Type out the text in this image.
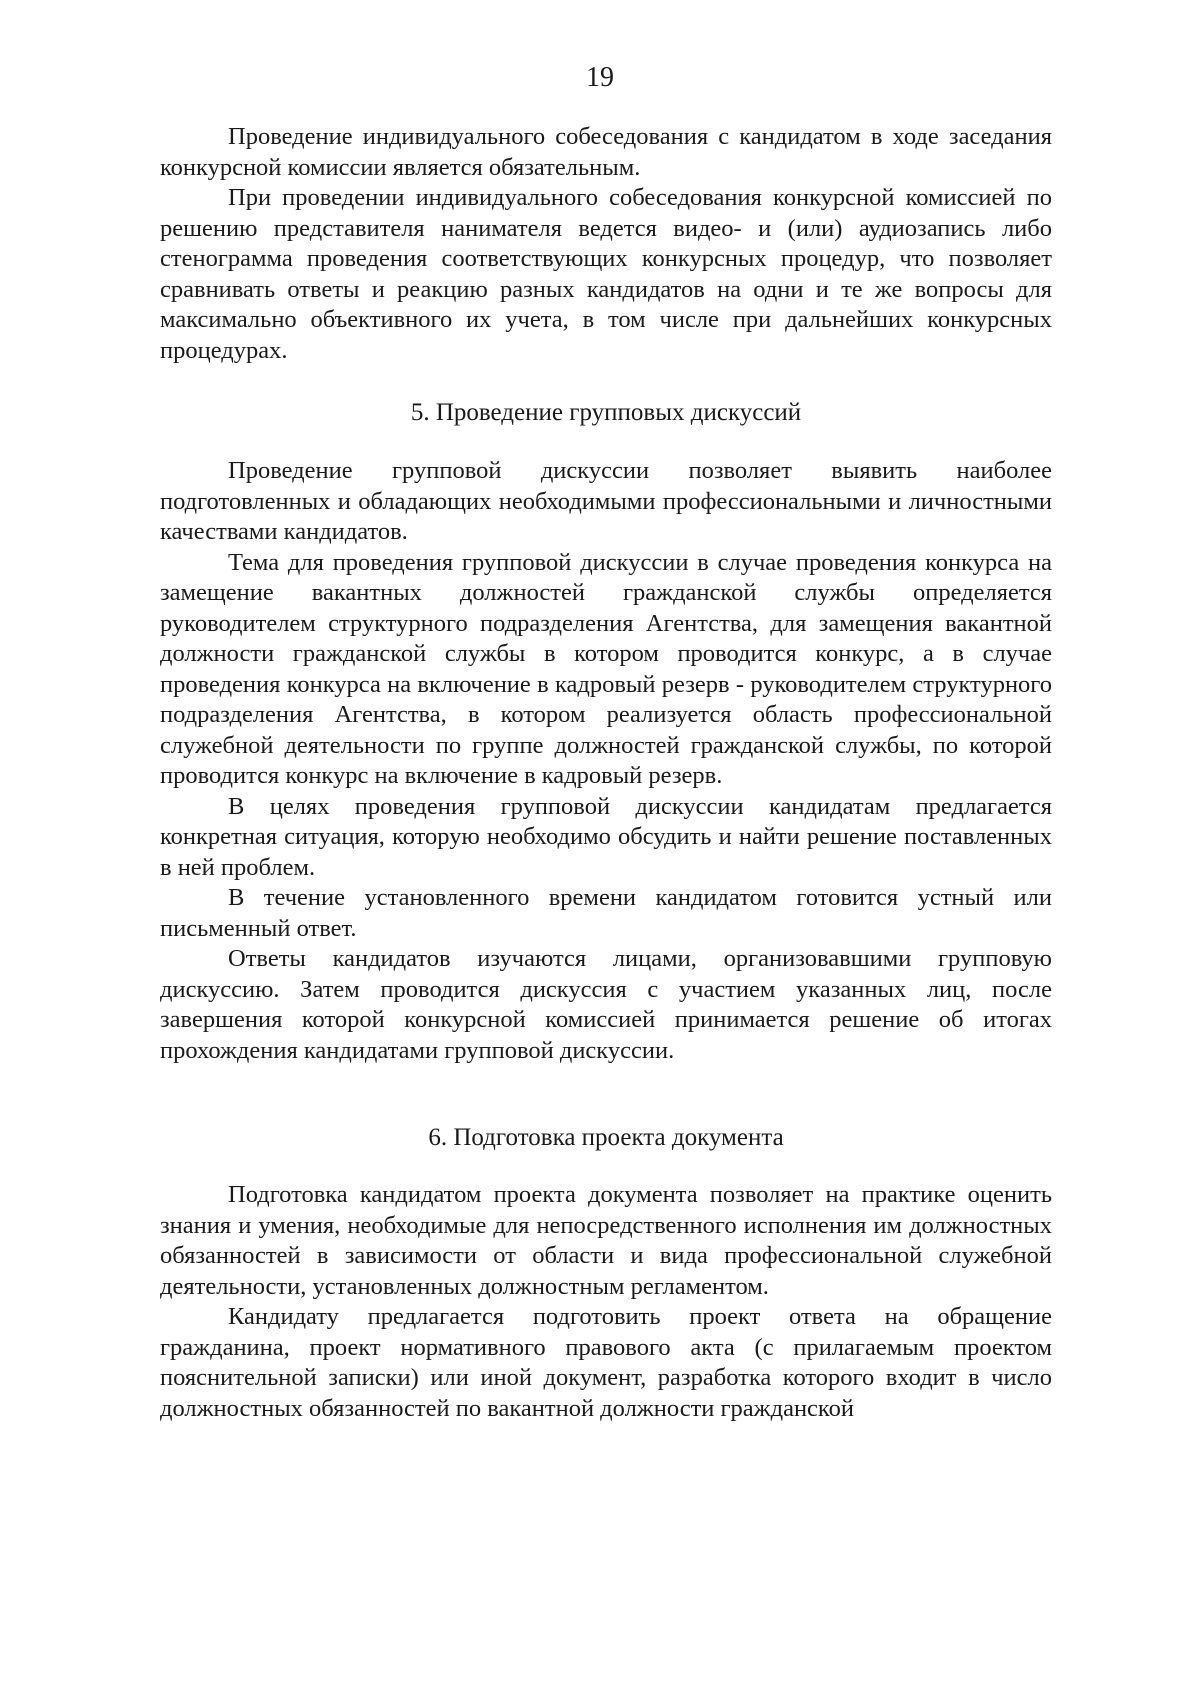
19

Проведение индивидуального собеседования с кандидатом в ходе заседания конкурсной комиссии является обязательным.

При проведении индивидуального собеседования конкурсной комиссией по решению представителя нанимателя ведется видео- и (или) аудиозапись либо стенограмма проведения соответствующих конкурсных процедур, что позволяет сравнивать ответы и реакцию разных кандидатов на одни и те же вопросы для максимально объективного их учета, в том числе при дальнейших конкурсных процедурах.

5. Проведение групповых дискуссий

Проведение групповой дискуссии позволяет выявить наиболее подготовленных и обладающих необходимыми профессиональными и личностными качествами кандидатов.

Тема для проведения групповой дискуссии в случае проведения конкурса на замещение вакантных должностей гражданской службы определяется руководителем структурного подразделения Агентства, для замещения вакантной должности гражданской службы в котором проводится конкурс, а в случае проведения конкурса на включение в кадровый резерв - руководителем структурного подразделения Агентства, в котором реализуется область профессиональной служебной деятельности по группе должностей гражданской службы, по которой проводится конкурс на включение в кадровый резерв.

В целях проведения групповой дискуссии кандидатам предлагается конкретная ситуация, которую необходимо обсудить и найти решение поставленных в ней проблем.

В течение установленного времени кандидатом готовится устный или письменный ответ.

Ответы кандидатов изучаются лицами, организовавшими групповую дискуссию. Затем проводится дискуссия с участием указанных лиц, после завершения которой конкурсной комиссией принимается решение об итогах прохождения кандидатами групповой дискуссии.

6. Подготовка проекта документа

Подготовка кандидатом проекта документа позволяет на практике оценить знания и умения, необходимые для непосредственного исполнения им должностных обязанностей в зависимости от области и вида профессиональной служебной деятельности, установленных должностным регламентом.

Кандидату предлагается подготовить проект ответа на обращение гражданина, проект нормативного правового акта (с прилагаемым проектом пояснительной записки) или иной документ, разработка которого входит в число должностных обязанностей по вакантной должности гражданской
